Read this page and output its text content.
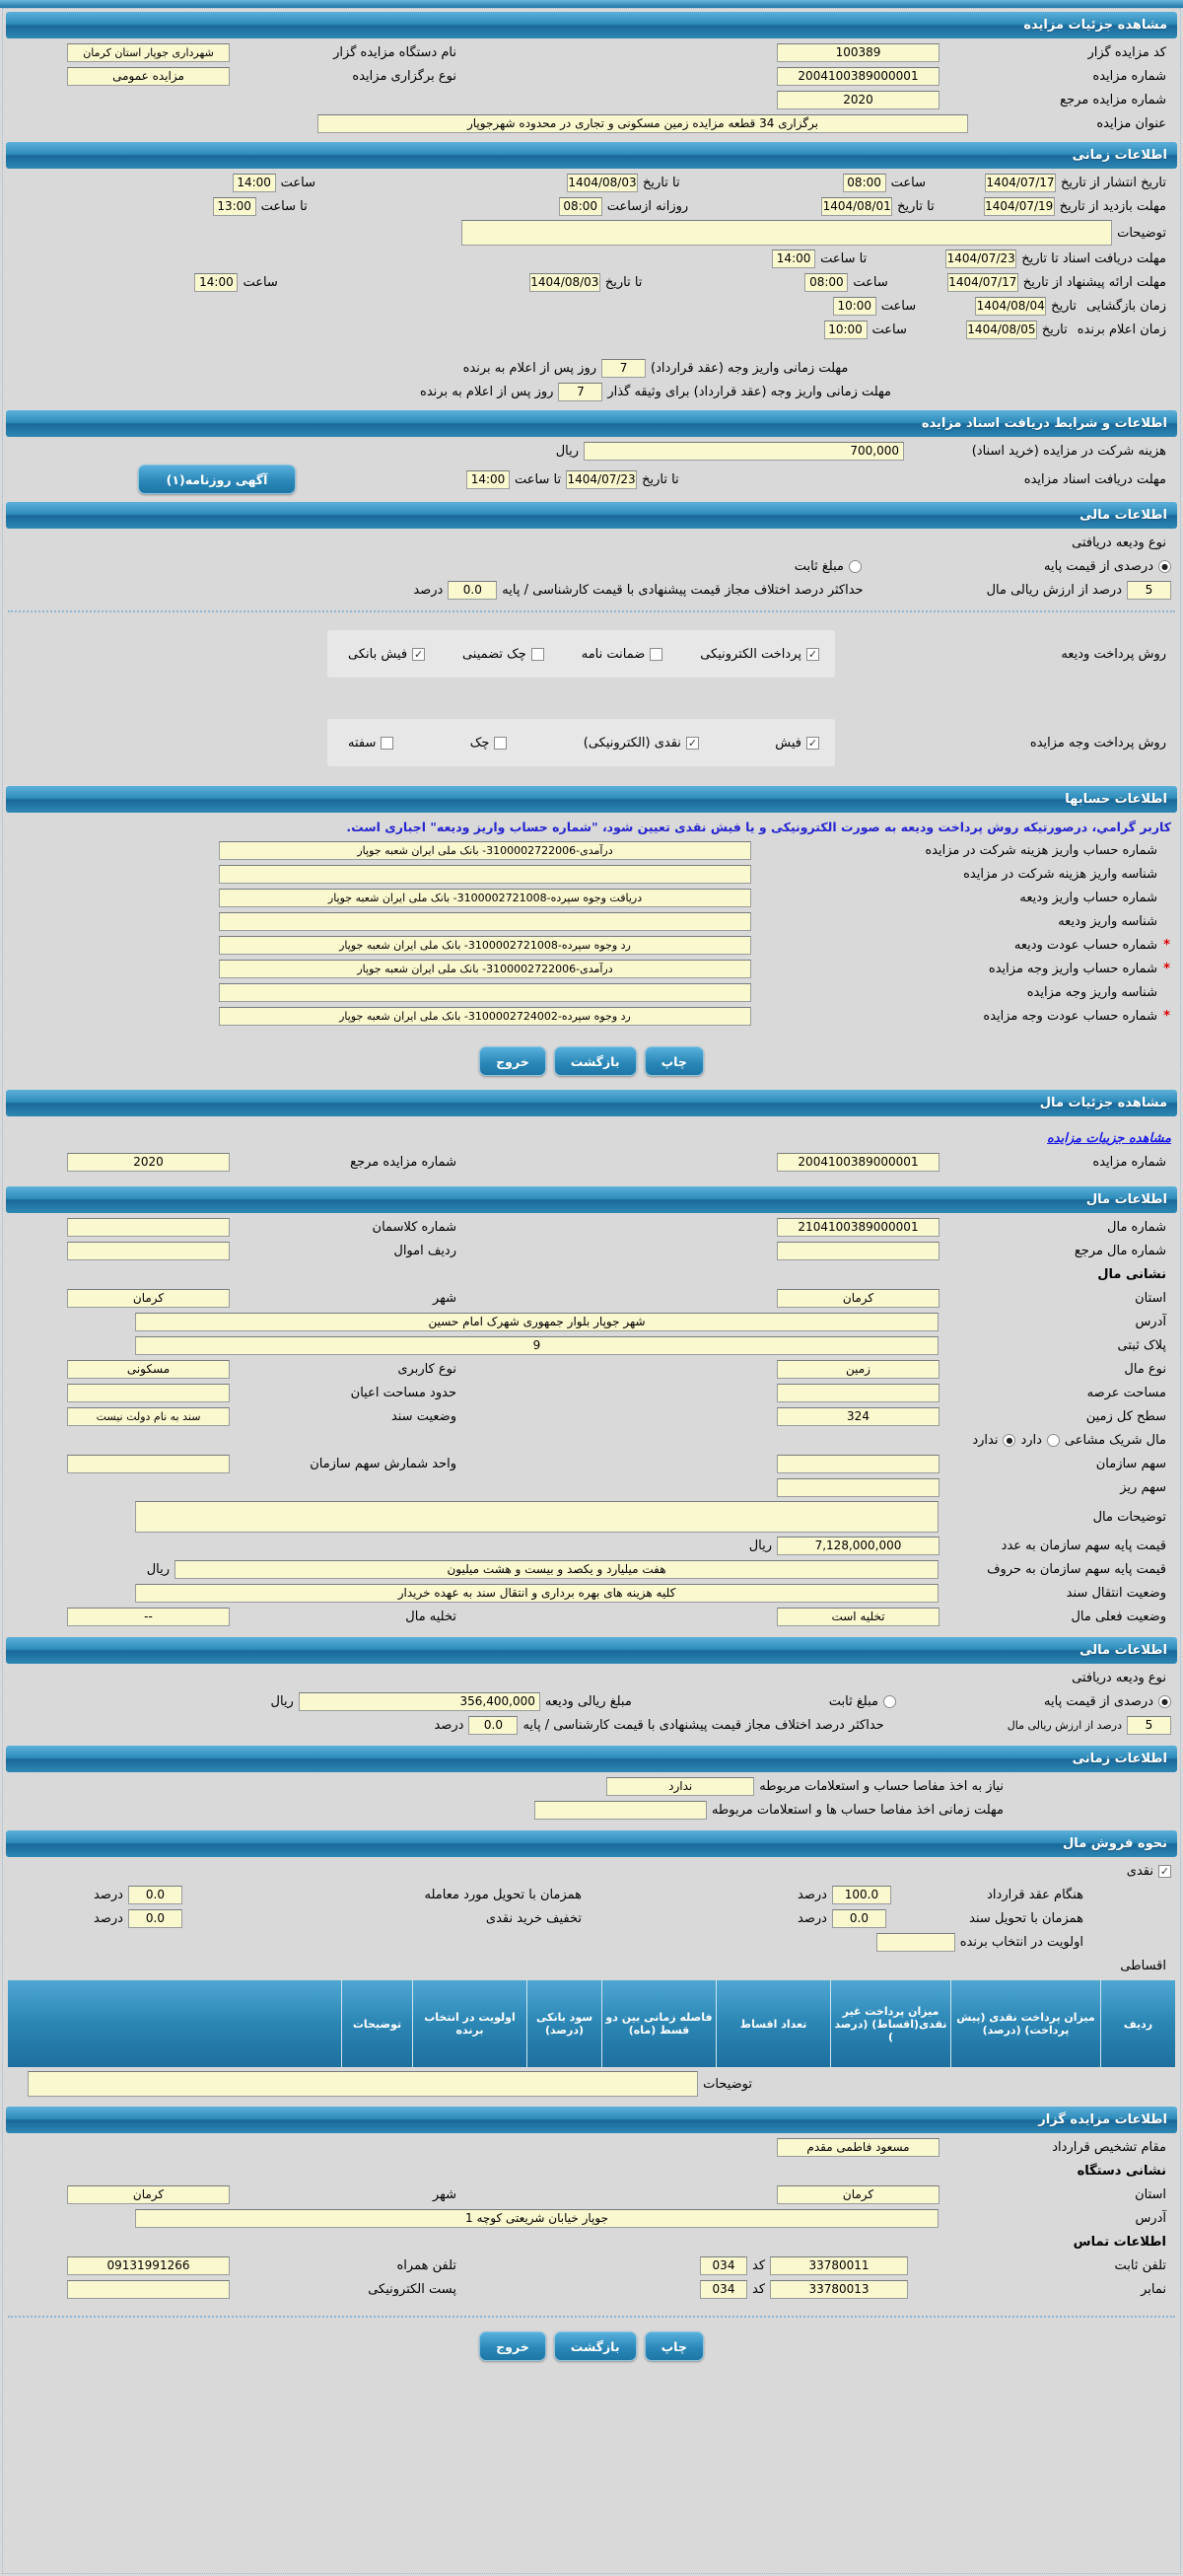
مشاهده جزئیات مزایده
کد مزایده گزار
100389
نام دستگاه مزایده گزار
شهرداری جوپار استان کرمان
شماره مزایده
2004100389000001
نوع برگزاری مزایده
مزایده عمومی
شماره مزایده مرجع
2020
عنوان مزایده
برگزاری 34 قطعه مزایده زمین مسکونی و تجاری در محدوده شهرجوپار
اطلاعات زمانی
تاریخ انتشار از تاریخ
1404/07/17
ساعت
08:00
تا تاریخ
1404/08/03
ساعت
14:00
مهلت بازدید از تاریخ
1404/07/19
تا تاریخ
1404/08/01
روزانه ازساعت
08:00
تا ساعت
13:00
توضیحات
مهلت دریافت اسناد تا تاریخ
1404/07/23
تا ساعت
14:00
مهلت ارائه پیشنهاد از تاریخ
1404/07/17
ساعت
08:00
تا تاریخ
1404/08/03
ساعت
14:00
زمان بازگشایی
تاریخ
1404/08/04
ساعت
10:00
زمان اعلام برنده
تاریخ
1404/08/05
ساعت
10:00
مهلت زمانی واریز وجه (عقد قرارداد)
7
روز پس از اعلام به برنده
مهلت زمانی واریز وجه (عقد قرارداد) برای وثیقه گذار
7
روز پس از اعلام به برنده
اطلاعات و شرایط دریافت اسناد مزایده
هزینه شرکت در مزایده (خرید اسناد)
700,000
ریال
مهلت دریافت اسناد مزایده
تا تاریخ
1404/07/23
تا ساعت
14:00
آگهی روزنامه(۱)
اطلاعات مالی
نوع ودیعه دریافتی
●
درصدی از قیمت پایه
مبلغ ثابت
5
درصد از ارزش ریالی مال
حداکثر درصد اختلاف مجاز قیمت پیشنهادی با قیمت کارشناسی / پایه
0.0
درصد
روش پرداخت ودیعه
✓
پرداخت الکترونیکی
ضمانت نامه
چک تضمینی
✓
فیش بانکی
روش پرداخت وجه مزایده
✓
فیش
✓
نقدی (الکترونیکی)
چک
سفته
اطلاعات حسابها
کاربر گرامي، درصورتیکه روش پرداخت ودیعه به صورت الکترونیکی و یا فیش نقدی تعیین شود، "شماره حساب واریز ودیعه" اجباری است.
شماره حساب واریز هزینه شرکت در مزایده
درآمدی-3100002722006- بانک ملی ایران شعبه جوپار
شناسه واریز هزینه شرکت در مزایده
شماره حساب واریز ودیعه
دریافت وجوه سپرده-3100002721008- بانک ملی ایران شعبه جوپار
شناسه واریز ودیعه
*
شماره حساب عودت ودیعه
رد وجوه سپرده-3100002721008- بانک ملی ایران شعبه جوپار
*
شماره حساب واریز وجه مزایده
درآمدی-3100002722006- بانک ملی ایران شعبه جوپار
شناسه واریز وجه مزایده
*
شماره حساب عودت وجه مزایده
رد وجوه سپرده-3100002724002- بانک ملی ایران شعبه جوپار
چاپ
بازگشت
خروج
مشاهده جزئیات مال
مشاهده جزییات مزایده
شماره مزایده
2004100389000001
شماره مزایده مرجع
2020
اطلاعات مال
شماره مال
2104100389000001
شماره کلاسمان
شماره مال مرجع
ردیف اموال
نشانی مال
استان
کرمان
شهر
کرمان
آدرس
شهر جوپار بلوار جمهوری شهرک امام حسین
پلاک ثبتی
9
نوع مال
زمین
نوع کاربری
مسکونی
مساحت عرصه
حدود مساحت اعیان
سطح کل زمین
324
وضعیت سند
سند به نام دولت نیست
مال شریک مشاعی
دارد
●
ندارد
سهم سازمان
واحد شمارش سهم سازمان
سهم ریز
توضیحات مال
قیمت پایه سهم سازمان به عدد
7,128,000,000
ریال
قیمت پایه سهم سازمان به حروف
هفت میلیارد و یکصد و بیست و هشت میلیون
ریال
وضعیت انتقال سند
کلیه هزینه های بهره برداری و انتقال سند به عهده خریدار
وضعیت فعلی مال
تخلیه است
تخلیه مال
--
اطلاعات مالی
نوع ودیعه دریافتی
●
درصدی از قیمت پایه
مبلغ ثابت
مبلغ ریالی ودیعه
356,400,000
ریال
5
درصد از ارزش ریالی مال
حداکثر درصد اختلاف مجاز قیمت پیشنهادی با قیمت کارشناسی / پایه
0.0
درصد
اطلاعات زمانی
نیاز به اخذ مفاصا حساب و استعلامات مربوطه
ندارد
مهلت زمانی اخذ مفاصا حساب ها و استعلامات مربوطه
نحوه فروش مال
✓
نقدی
هنگام عقد قرارداد
100.0
درصد
همزمان با تحویل مورد معامله
0.0
درصد
همزمان با تحویل سند
0.0
درصد
تخفیف خرید نقدی
0.0
درصد
اولویت در انتخاب برنده
اقساطی
ردیف
میزان پرداخت نقدی (پیش پرداخت) (درصد)
میزان پرداخت غیر نقدی(اقساط) (درصد )
تعداد اقساط
فاصله زمانی بین دو قسط (ماه)
سود بانکی (درصد)
اولویت در انتخاب برنده
توضیحات
توضیحات
اطلاعات مزایده گزار
مقام تشخیص قرارداد
مسعود فاطمی مقدم
نشانی دستگاه
استان
کرمان
شهر
کرمان
آدرس
جوپار خیابان شریعتی کوچه 1
اطلاعات تماس
تلفن ثابت
33780011
کد
034
تلفن همراه
09131991266
نمابر
33780013
کد
034
پست الکترونیکی
چاپ
بازگشت
خروج
